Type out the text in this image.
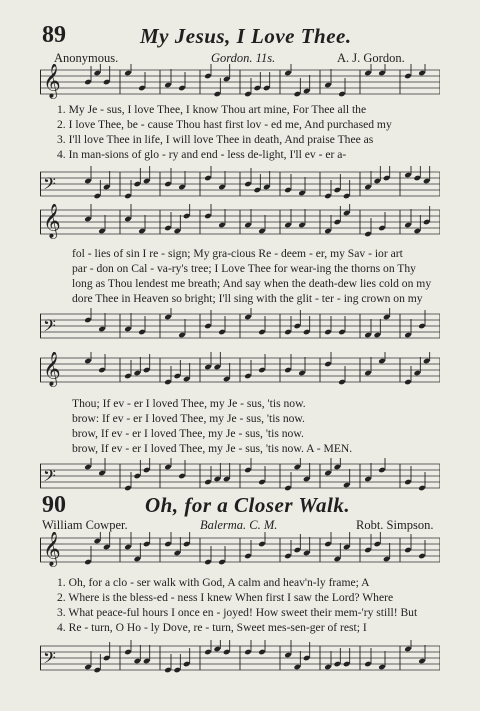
89	My Jesus, I Love Thee.
Anonymous.	Gordon. 11s.	A. J. Gordon.
𝄞
1. My Je - sus, I love Thee, I know Thou art mine, For Thee all the
2. I love Thee, be - cause Thou hast first lov - ed me, And purchased my
3. I'll love Thee in life, I will love Thee in death, And praise Thee as
4. In man-sions of glo - ry and end - less de-light, I'll ev - er a-
𝄢
𝄞
fol - lies of sin I re - sign; My gra-cious Re - deem - er, my Sav - ior art
par - don on Cal - va-ry's tree; I Love Thee for wear-ing the thorns on Thy
long as Thou lendest me breath; And say when the death-dew lies cold on my
dore Thee in Heaven so bright; I'll sing with the glit - ter - ing crown on my
𝄢
𝄞
Thou; If ev - er I loved Thee, my Je - sus, 'tis now.
brow: If ev - er I loved Thee, my Je - sus, 'tis now.
brow, If ev - er I loved Thee, my Je - sus, 'tis now.
brow, If ev - er I loved Thee, my Je - sus, 'tis now. A - MEN.
𝄢
90	Oh, for a Closer Walk.
William Cowper.	Balerma. C. M.	Robt. Simpson.
𝄞
1. Oh, for a clo - ser walk with God, A calm and heav'n-ly frame; A
2. Where is the bless-ed - ness I knew When first I saw the Lord? Where
3. What peace-ful hours I once en - joyed! How sweet their mem-'ry still! But
4. Re - turn, O Ho - ly Dove, re - turn, Sweet mes-sen-ger of rest; I
𝄢
